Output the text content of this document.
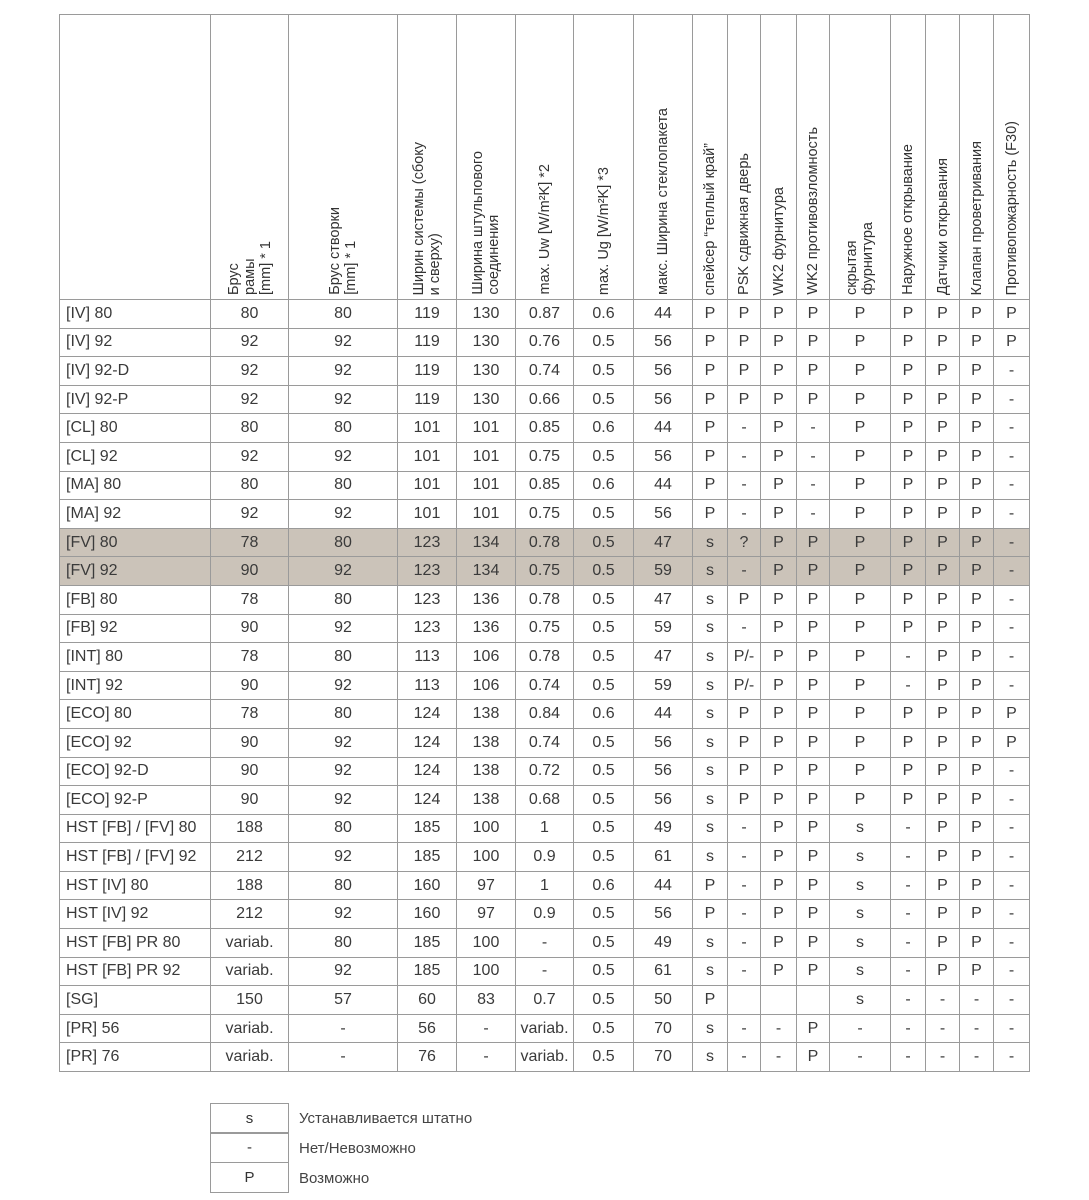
	Брус
рамы
[mm] * 1	Брус створки
[mm] * 1	Ширин системы (сбоку
и сверху)	Ширина штульпового
соединения	max. Uw [W/m²K] *2	max. Ug [W/m²K] *3	макс. Ширина стеклопакета	спейсер “теплый край”	PSK сдвижная дверь	WK2 фурнитура	WK2 противовзломность	скрытая
фурнитура	Наружное открывание	Датчики открывания	Клапан проветривания	Противопожарность (F30)

[IV] 80	80	80	119	130	0.87	0.6	44	P	P	P	P	P	P	P	P	P
[IV] 92	92	92	119	130	0.76	0.5	56	P	P	P	P	P	P	P	P	P
[IV] 92-D	92	92	119	130	0.74	0.5	56	P	P	P	P	P	P	P	P	-
[IV] 92-P	92	92	119	130	0.66	0.5	56	P	P	P	P	P	P	P	P	-
[CL] 80	80	80	101	101	0.85	0.6	44	P	-	P	-	P	P	P	P	-
[CL] 92	92	92	101	101	0.75	0.5	56	P	-	P	-	P	P	P	P	-
[MA] 80	80	80	101	101	0.85	0.6	44	P	-	P	-	P	P	P	P	-
[MA] 92	92	92	101	101	0.75	0.5	56	P	-	P	-	P	P	P	P	-
[FV] 80	78	80	123	134	0.78	0.5	47	s	?	P	P	P	P	P	P	-
[FV] 92	90	92	123	134	0.75	0.5	59	s	-	P	P	P	P	P	P	-
[FB] 80	78	80	123	136	0.78	0.5	47	s	P	P	P	P	P	P	P	-
[FB] 92	90	92	123	136	0.75	0.5	59	s	-	P	P	P	P	P	P	-
[INT] 80	78	80	113	106	0.78	0.5	47	s	P/-	P	P	P	-	P	P	-
[INT] 92	90	92	113	106	0.74	0.5	59	s	P/-	P	P	P	-	P	P	-
[ECO] 80	78	80	124	138	0.84	0.6	44	s	P	P	P	P	P	P	P	P
[ECO] 92	90	92	124	138	0.74	0.5	56	s	P	P	P	P	P	P	P	P
[ECO] 92-D	90	92	124	138	0.72	0.5	56	s	P	P	P	P	P	P	P	-
[ECO] 92-P	90	92	124	138	0.68	0.5	56	s	P	P	P	P	P	P	P	-
HST [FB] / [FV] 80	188	80	185	100	1	0.5	49	s	-	P	P	s	-	P	P	-
HST [FB] / [FV] 92	212	92	185	100	0.9	0.5	61	s	-	P	P	s	-	P	P	-
HST [IV] 80	188	80	160	97	1	0.6	44	P	-	P	P	s	-	P	P	-
HST [IV] 92	212	92	160	97	0.9	0.5	56	P	-	P	P	s	-	P	P	-
HST [FB] PR 80	variab.	80	185	100	-	0.5	49	s	-	P	P	s	-	P	P	-
HST [FB] PR 92	variab.	92	185	100	-	0.5	61	s	-	P	P	s	-	P	P	-
[SG]	150	57	60	83	0.7	0.5	50	P				s	-	-	-	-
[PR] 56	variab.	-	56	-	variab.	0.5	70	s	-	-	P	-	-	-	-	-
[PR] 76	variab.	-	76	-	variab.	0.5	70	s	-	-	P	-	-	-	-	-
s	Устанавливается штатно
-	Нет/Невозможно
P	Возможно
